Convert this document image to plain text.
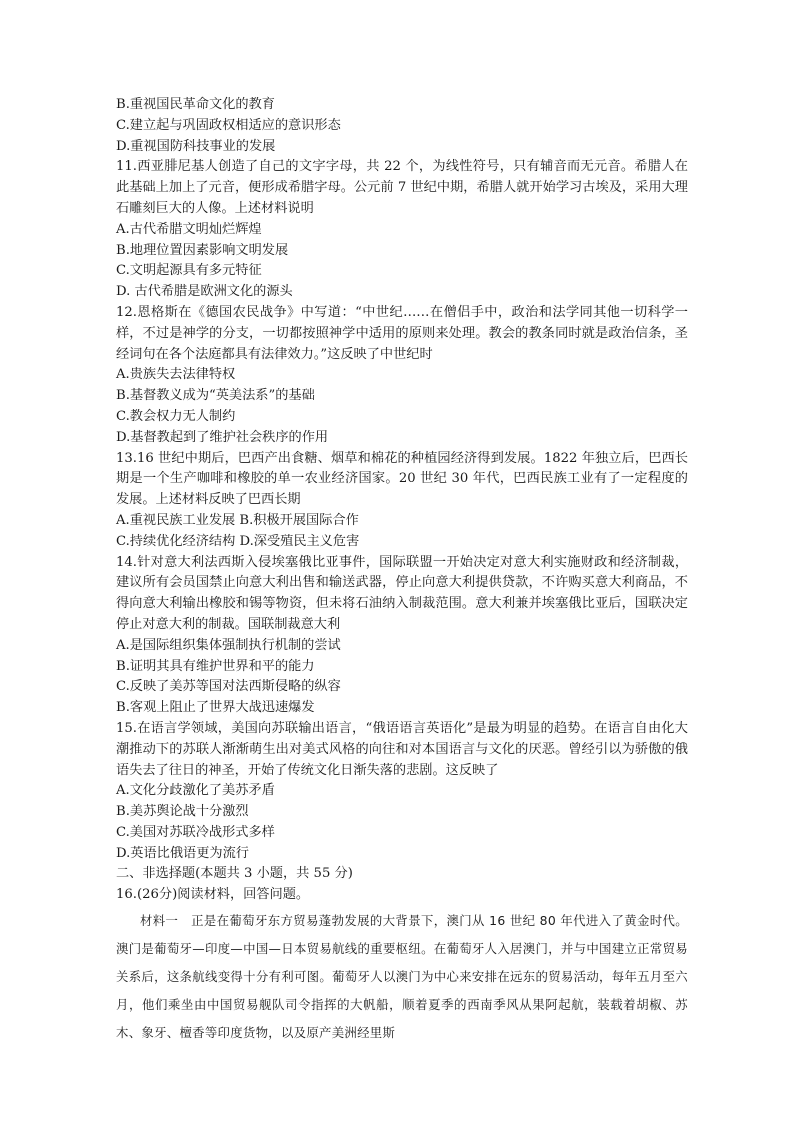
B.重视国民革命文化的教育
C.建立起与巩固政权相适应的意识形态
D.重视国防科技事业的发展
11.西亚腓尼基人创造了自己的文字字母，共 22 个，为线性符号，只有辅音而无元音。希腊人在此基础上加上了元音，便形成希腊字母。公元前 7 世纪中期，希腊人就开始学习古埃及，采用大理石雕刻巨大的人像。上述材料说明
A.古代希腊文明灿烂辉煌
B.地理位置因素影响文明发展
C.文明起源具有多元特征
D. 古代希腊是欧洲文化的源头
12.恩格斯在《德国农民战争》中写道：“中世纪……在僧侣手中，政治和法学同其他一切科学一样，不过是神学的分支，一切都按照神学中适用的原则来处理。教会的教条同时就是政治信条，圣经词句在各个法庭都具有法律效力。”这反映了中世纪时
A.贵族失去法律特权
B.基督教义成为“英美法系”的基础
C.教会权力无人制约
D.基督教起到了维护社会秩序的作用
13.16 世纪中期后，巴西产出食糖、烟草和棉花的种植园经济得到发展。1822 年独立后，巴西长期是一个生产咖啡和橡胶的单一农业经济国家。20 世纪 30 年代，巴西民族工业有了一定程度的发展。上述材料反映了巴西长期
A.重视民族工业发展 B.积极开展国际合作
C.持续优化经济结构 D.深受殖民主义危害
14.针对意大利法西斯入侵埃塞俄比亚事件，国际联盟一开始决定对意大利实施财政和经济制裁，建议所有会员国禁止向意大利出售和输送武器，停止向意大利提供贷款，不许购买意大利商品，不得向意大利输出橡胶和锡等物资，但未将石油纳入制裁范围。意大利兼并埃塞俄比亚后，国联决定停止对意大利的制裁。国联制裁意大利
A.是国际组织集体强制执行机制的尝试
B.证明其具有维护世界和平的能力
C.反映了美苏等国对法西斯侵略的纵容
B.客观上阻止了世界大战迅速爆发
15.在语言学领域，美国向苏联输出语言，“俄语语言英语化”是最为明显的趋势。在语言自由化大潮推动下的苏联人渐渐萌生出对美式风格的向往和对本国语言与文化的厌恶。曾经引以为骄傲的俄语失去了往日的神圣，开始了传统文化日渐失落的悲剧。这反映了
A.文化分歧激化了美苏矛盾
B.美苏舆论战十分激烈
C.美国对苏联冷战形式多样
D.英语比俄语更为流行
二、非选择题(本题共 3 小题，共 55 分)
16.(26分)阅读材料，回答问题。
材料一　正是在葡萄牙东方贸易蓬勃发展的大背景下，澳门从 16 世纪 80 年代进入了黄金时代。澳门是葡萄牙—印度—中国—日本贸易航线的重要枢纽。在葡萄牙人入居澳门，并与中国建立正常贸易关系后，这条航线变得十分有利可图。葡萄牙人以澳门为中心来安排在远东的贸易活动，每年五月至六月，他们乘坐由中国贸易舰队司令指挥的大帆船，顺着夏季的西南季风从果阿起航，装载着胡椒、苏木、象牙、檀香等印度货物，以及原产美洲经里斯
